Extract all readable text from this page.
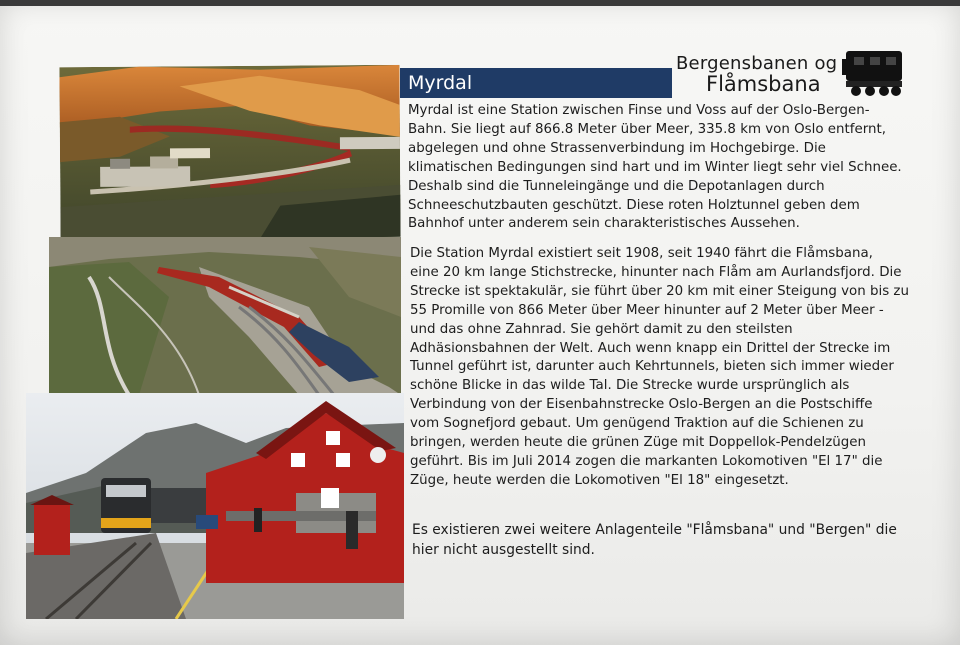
Myrdal
Bergensbanen og
Flåmsbana
Myrdal ist eine Station zwischen Finse und Voss auf der Oslo-Bergen-
Bahn. Sie liegt auf 866.8 Meter über Meer, 335.8 km von Oslo entfernt,
abgelegen und ohne Strassenverbindung im Hochgebirge. Die
klimatischen Bedingungen sind hart und im Winter liegt sehr viel Schnee.
Deshalb sind die Tunneleingänge und die Depotanlagen durch
Schneeschutzbauten geschützt. Diese roten Holztunnel geben dem
Bahnhof unter anderem sein charakteristisches Aussehen.
Die Station Myrdal existiert seit 1908, seit 1940 fährt die Flåmsbana,
eine 20 km lange Stichstrecke, hinunter nach Flåm am Aurlandsfjord. Die
Strecke ist spektakulär, sie führt über 20 km mit einer Steigung von bis zu
55 Promille von 866 Meter über Meer hinunter auf 2 Meter über Meer -
und das ohne Zahnrad. Sie gehört damit zu den steilsten
Adhäsionsbahnen der Welt. Auch wenn knapp ein Drittel der Strecke im
Tunnel geführt ist, darunter auch Kehrtunnels, bieten sich immer wieder
schöne Blicke in das wilde Tal. Die Strecke wurde ursprünglich als
Verbindung von der Eisenbahnstrecke Oslo-Bergen an die Postschiffe
vom Sognefjord gebaut. Um genügend Traktion auf die Schienen zu
bringen, werden heute die grünen Züge mit Doppellok-Pendelzügen
geführt. Bis im Juli 2014 zogen die markanten Lokomotiven "El 17" die
Züge, heute werden die Lokomotiven "El 18" eingesetzt.
Es existieren zwei weitere Anlagenteile "Flåmsbana" und "Bergen" die
hier nicht ausgestellt sind.
